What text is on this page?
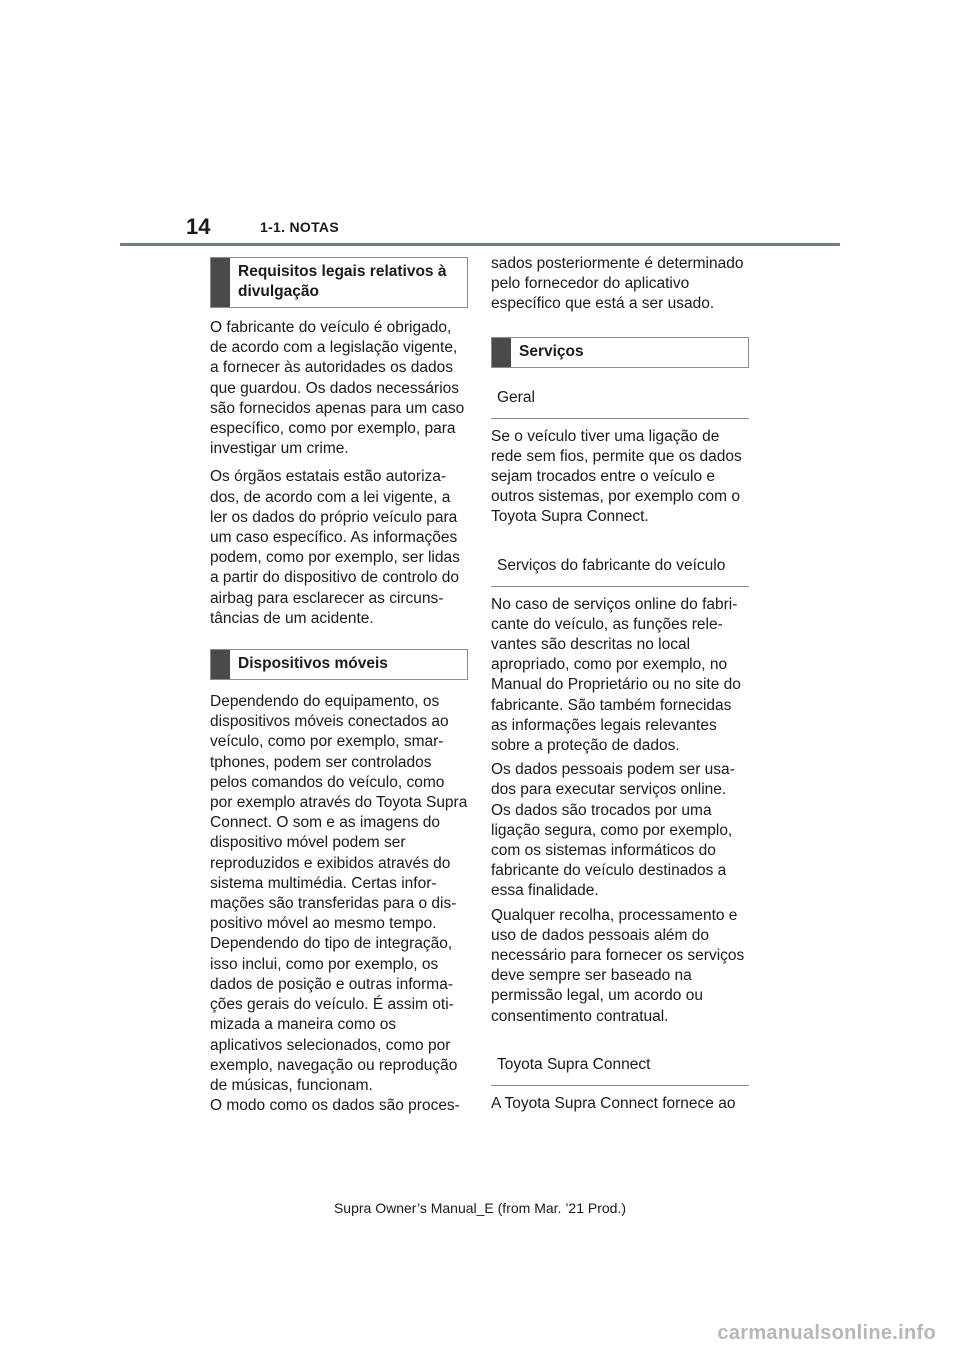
14	1-1. NOTAS
Requisitos legais relativos à divulgação

O fabricante do veículo é obrigado, de acordo com a legislação vigente, a fornecer às autoridades os dados que guardou. Os dados necessários são fornecidos apenas para um caso específico, como por exemplo, para investigar um crime.

Os órgãos estatais estão autorizados, de acordo com a lei vigente, a ler os dados do próprio veículo para um caso específico. As informações podem, como por exemplo, ser lidas a partir do dispositivo de controlo do airbag para esclarecer as circunstâncias de um acidente.

Dispositivos móveis

Dependendo do equipamento, os dispositivos móveis conectados ao veículo, como por exemplo, smartphones, podem ser controlados pelos comandos do veículo, como por exemplo através do Toyota Supra Connect. O som e as imagens do dispositivo móvel podem ser reproduzidos e exibidos através do sistema multimédia. Certas informações são transferidas para o dispositivo móvel ao mesmo tempo. Dependendo do tipo de integração, isso inclui, como por exemplo, os dados de posição e outras informações gerais do veículo. É assim otimizada a maneira como os aplicativos selecionados, como por exemplo, navegação ou reprodução de músicas, funcionam.

O modo como os dados são proces-

sados posteriormente é determinado pelo fornecedor do aplicativo específico que está a ser usado.

Serviços
Geral

Se o veículo tiver uma ligação de rede sem fios, permite que os dados sejam trocados entre o veículo e outros sistemas, por exemplo com o Toyota Supra Connect.

Serviços do fabricante do veículo

No caso de serviços online do fabricante do veículo, as funções relevantes são descritas no local apropriado, como por exemplo, no Manual do Proprietário ou no site do fabricante. São também fornecidas as informações legais relevantes sobre a proteção de dados.

Os dados pessoais podem ser usados para executar serviços online. Os dados são trocados por uma ligação segura, como por exemplo, com os sistemas informáticos do fabricante do veículo destinados a essa finalidade.

Qualquer recolha, processamento e uso de dados pessoais além do necessário para fornecer os serviços deve sempre ser baseado na permissão legal, um acordo ou consentimento contratual.

Toyota Supra Connect

A Toyota Supra Connect fornece ao

Supra Owner’s Manual_E (from Mar. ’21 Prod.)
carmanualsonline.info
